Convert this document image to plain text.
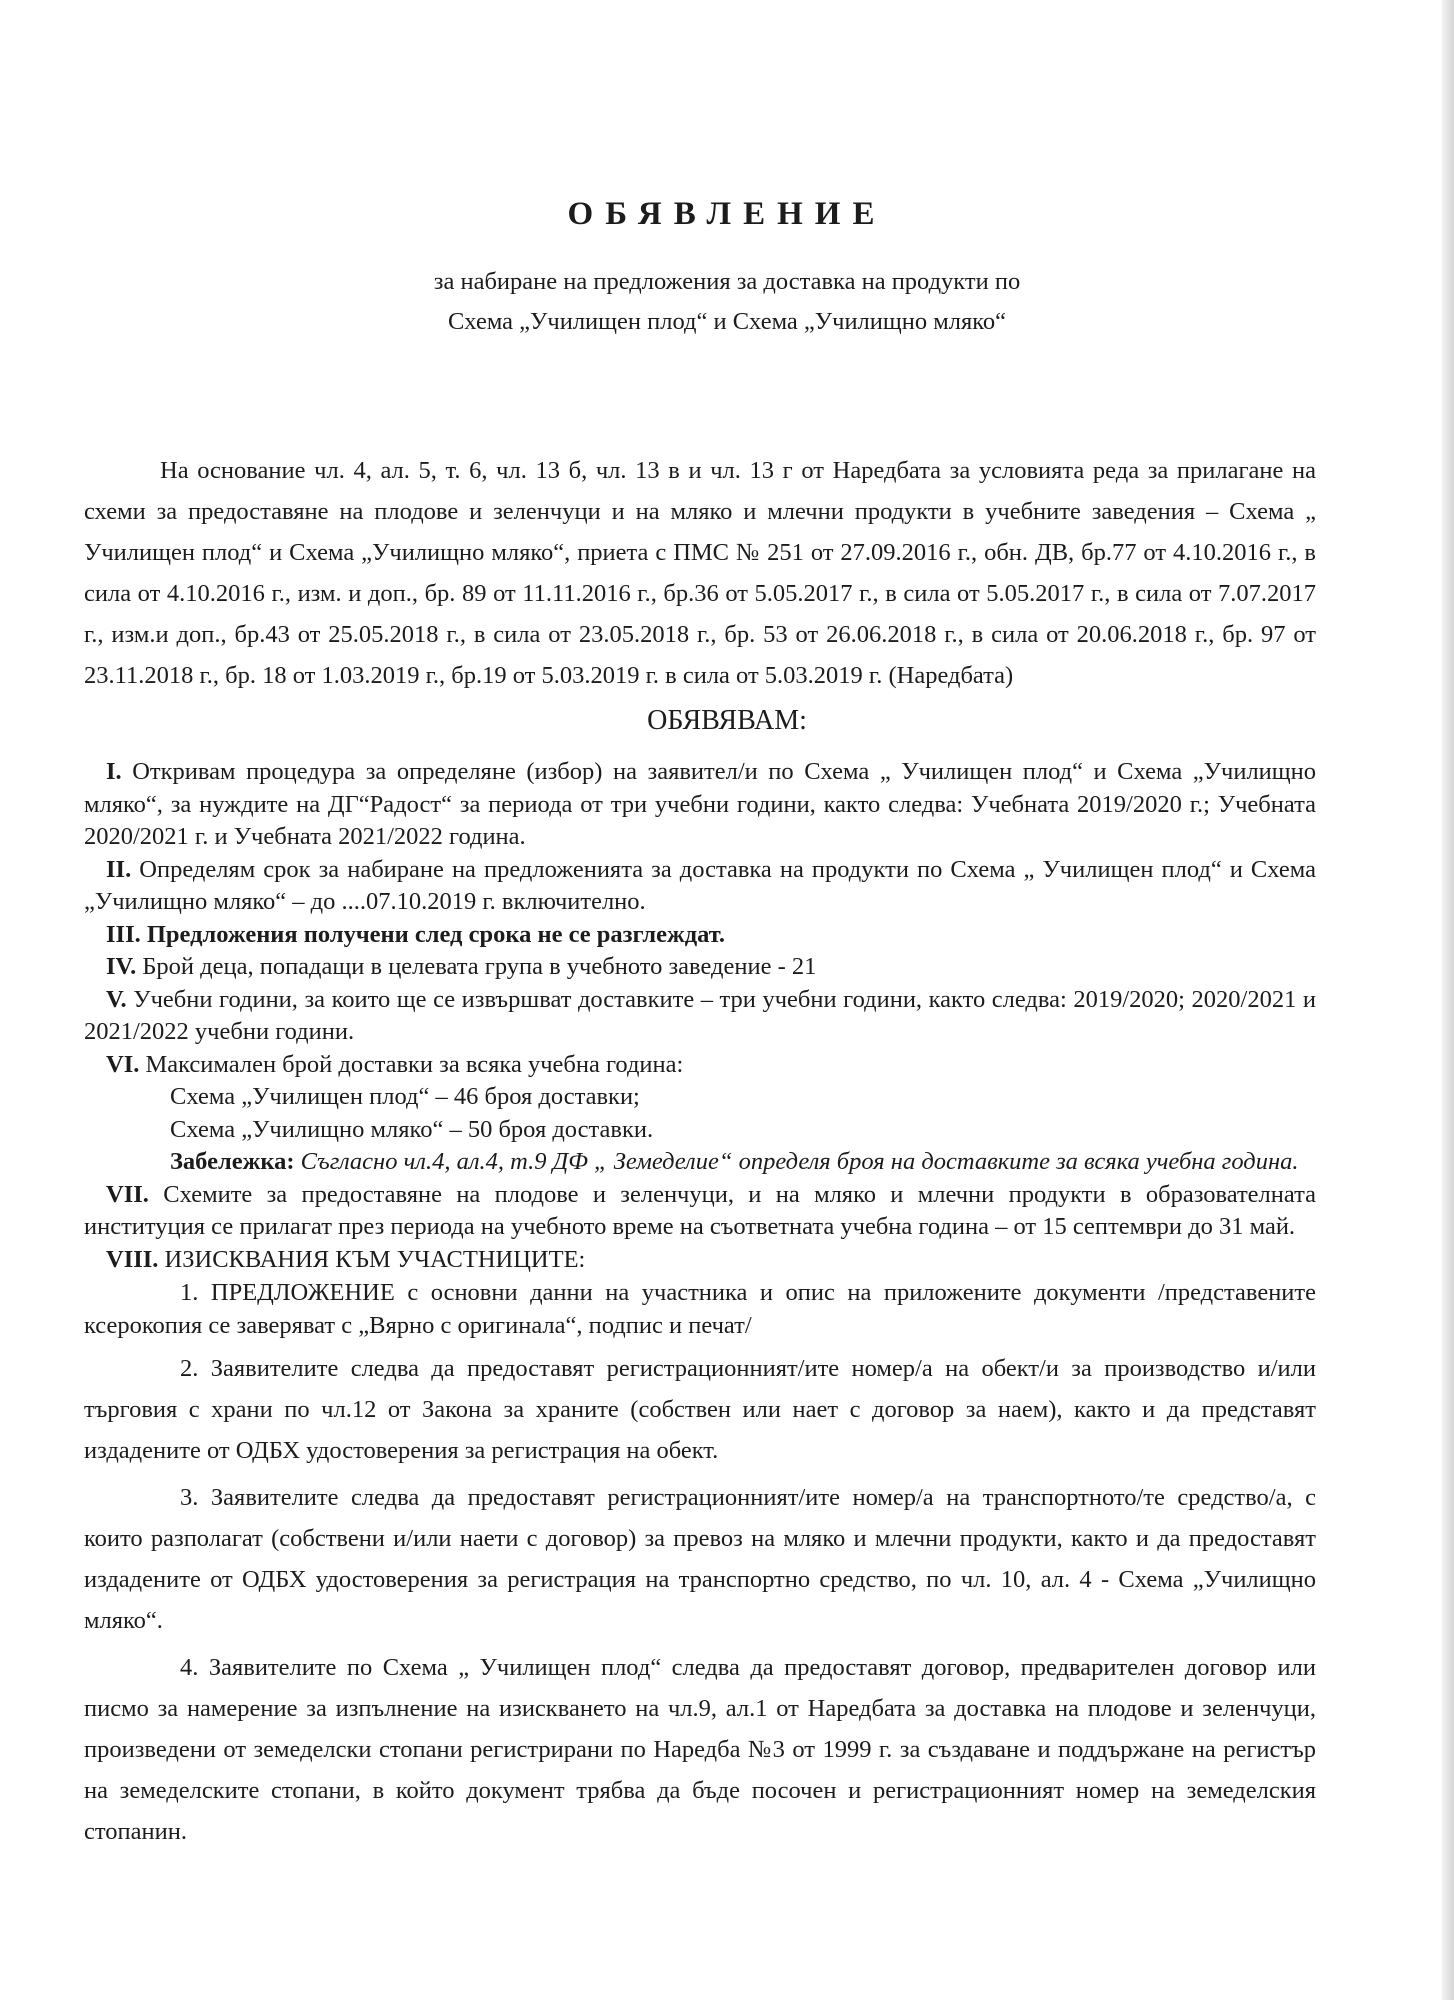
ОБЯВЛЕНИЕ
за набиране на предложения за доставка на продукти по
Схема „Училищен плод“ и Схема „Училищно мляко“

На основание чл. 4, ал. 5, т. 6, чл. 13 б, чл. 13 в и чл. 13 г от Наредбата за условията реда за прилагане на схеми за предоставяне на плодове и зеленчуци и на мляко и млечни продукти в учебните заведения – Схема „ Училищен плод“ и Схема „Училищно мляко“, приета с ПМС № 251 от 27.09.2016 г., обн. ДВ, бр.77 от 4.10.2016 г., в сила от 4.10.2016 г., изм. и доп., бр. 89 от 11.11.2016 г., бр.36 от 5.05.2017 г., в сила от 5.05.2017 г., в сила от 7.07.2017 г., изм.и доп., бр.43 от 25.05.2018 г., в сила от 23.05.2018 г., бр. 53 от 26.06.2018 г., в сила от 20.06.2018 г., бр. 97 от 23.11.2018 г., бр. 18 от 1.03.2019 г., бр.19 от 5.03.2019 г. в сила от 5.03.2019 г. (Наредбата)

ОБЯВЯВАМ:

I. Откривам процедура за определяне (избор) на заявител/и по Схема „ Училищен плод“ и Схема „Училищно мляко“, за нуждите на ДГ“Радост“ за периода от три учебни години, както следва: Учебната 2019/2020 г.; Учебната 2020/2021 г. и Учебната 2021/2022 година.

II. Определям срок за набиране на предложенията за доставка на продукти по Схема „ Училищен плод“ и Схема „Училищно мляко“ – до ....07.10.2019 г. включително.

III. Предложения получени след срока не се разглеждат.

IV. Брой деца, попадащи в целевата група в учебното заведение - 21

V. Учебни години, за които ще се извършват доставките – три учебни години, както следва: 2019/2020; 2020/2021 и 2021/2022 учебни години.

VI. Максимален брой доставки за всяка учебна година:

Схема „Училищен плод“ – 46 броя доставки;

Схема „Училищно мляко“ – 50 броя доставки.

Забележка: Съгласно чл.4, ал.4, т.9 ДФ „ Земеделие“ определя броя на доставките за всяка учебна година.

VII. Схемите за предоставяне на плодове и зеленчуци, и на мляко и млечни продукти в образователната институция се прилагат през периода на учебното време на съответната учебна година – от 15 септември до 31 май.

VIII. ИЗИСКВАНИЯ КЪМ УЧАСТНИЦИТЕ:

1. ПРЕДЛОЖЕНИЕ с основни данни на участника и опис на приложените документи /представените ксерокопия се заверяват с „Вярно с оригинала“, подпис и печат/

2. Заявителите следва да предоставят регистрационният/ите номер/а на обект/и за производство и/или търговия с храни по чл.12 от Закона за храните (собствен или нает с договор за наем), както и да представят издадените от ОДБХ удостоверения за регистрация на обект.

3. Заявителите следва да предоставят регистрационният/ите номер/а на транспортното/те средство/а, с които разполагат (собствени и/или наети с договор) за превоз на мляко и млечни продукти, както и да предоставят издадените от ОДБХ удостоверения за регистрация на транспортно средство, по чл. 10, ал. 4 - Схема „Училищно мляко“.

4. Заявителите по Схема „ Училищен плод“ следва да предоставят договор, предварителен договор или писмо за намерение за изпълнение на изискването на чл.9, ал.1 от Наредбата за доставка на плодове и зеленчуци, произведени от земеделски стопани регистрирани по Наредба №3 от 1999 г. за създаване и поддържане на регистър на земеделските стопани, в който документ трябва да бъде посочен и регистрационният номер на земеделския стопанин.
